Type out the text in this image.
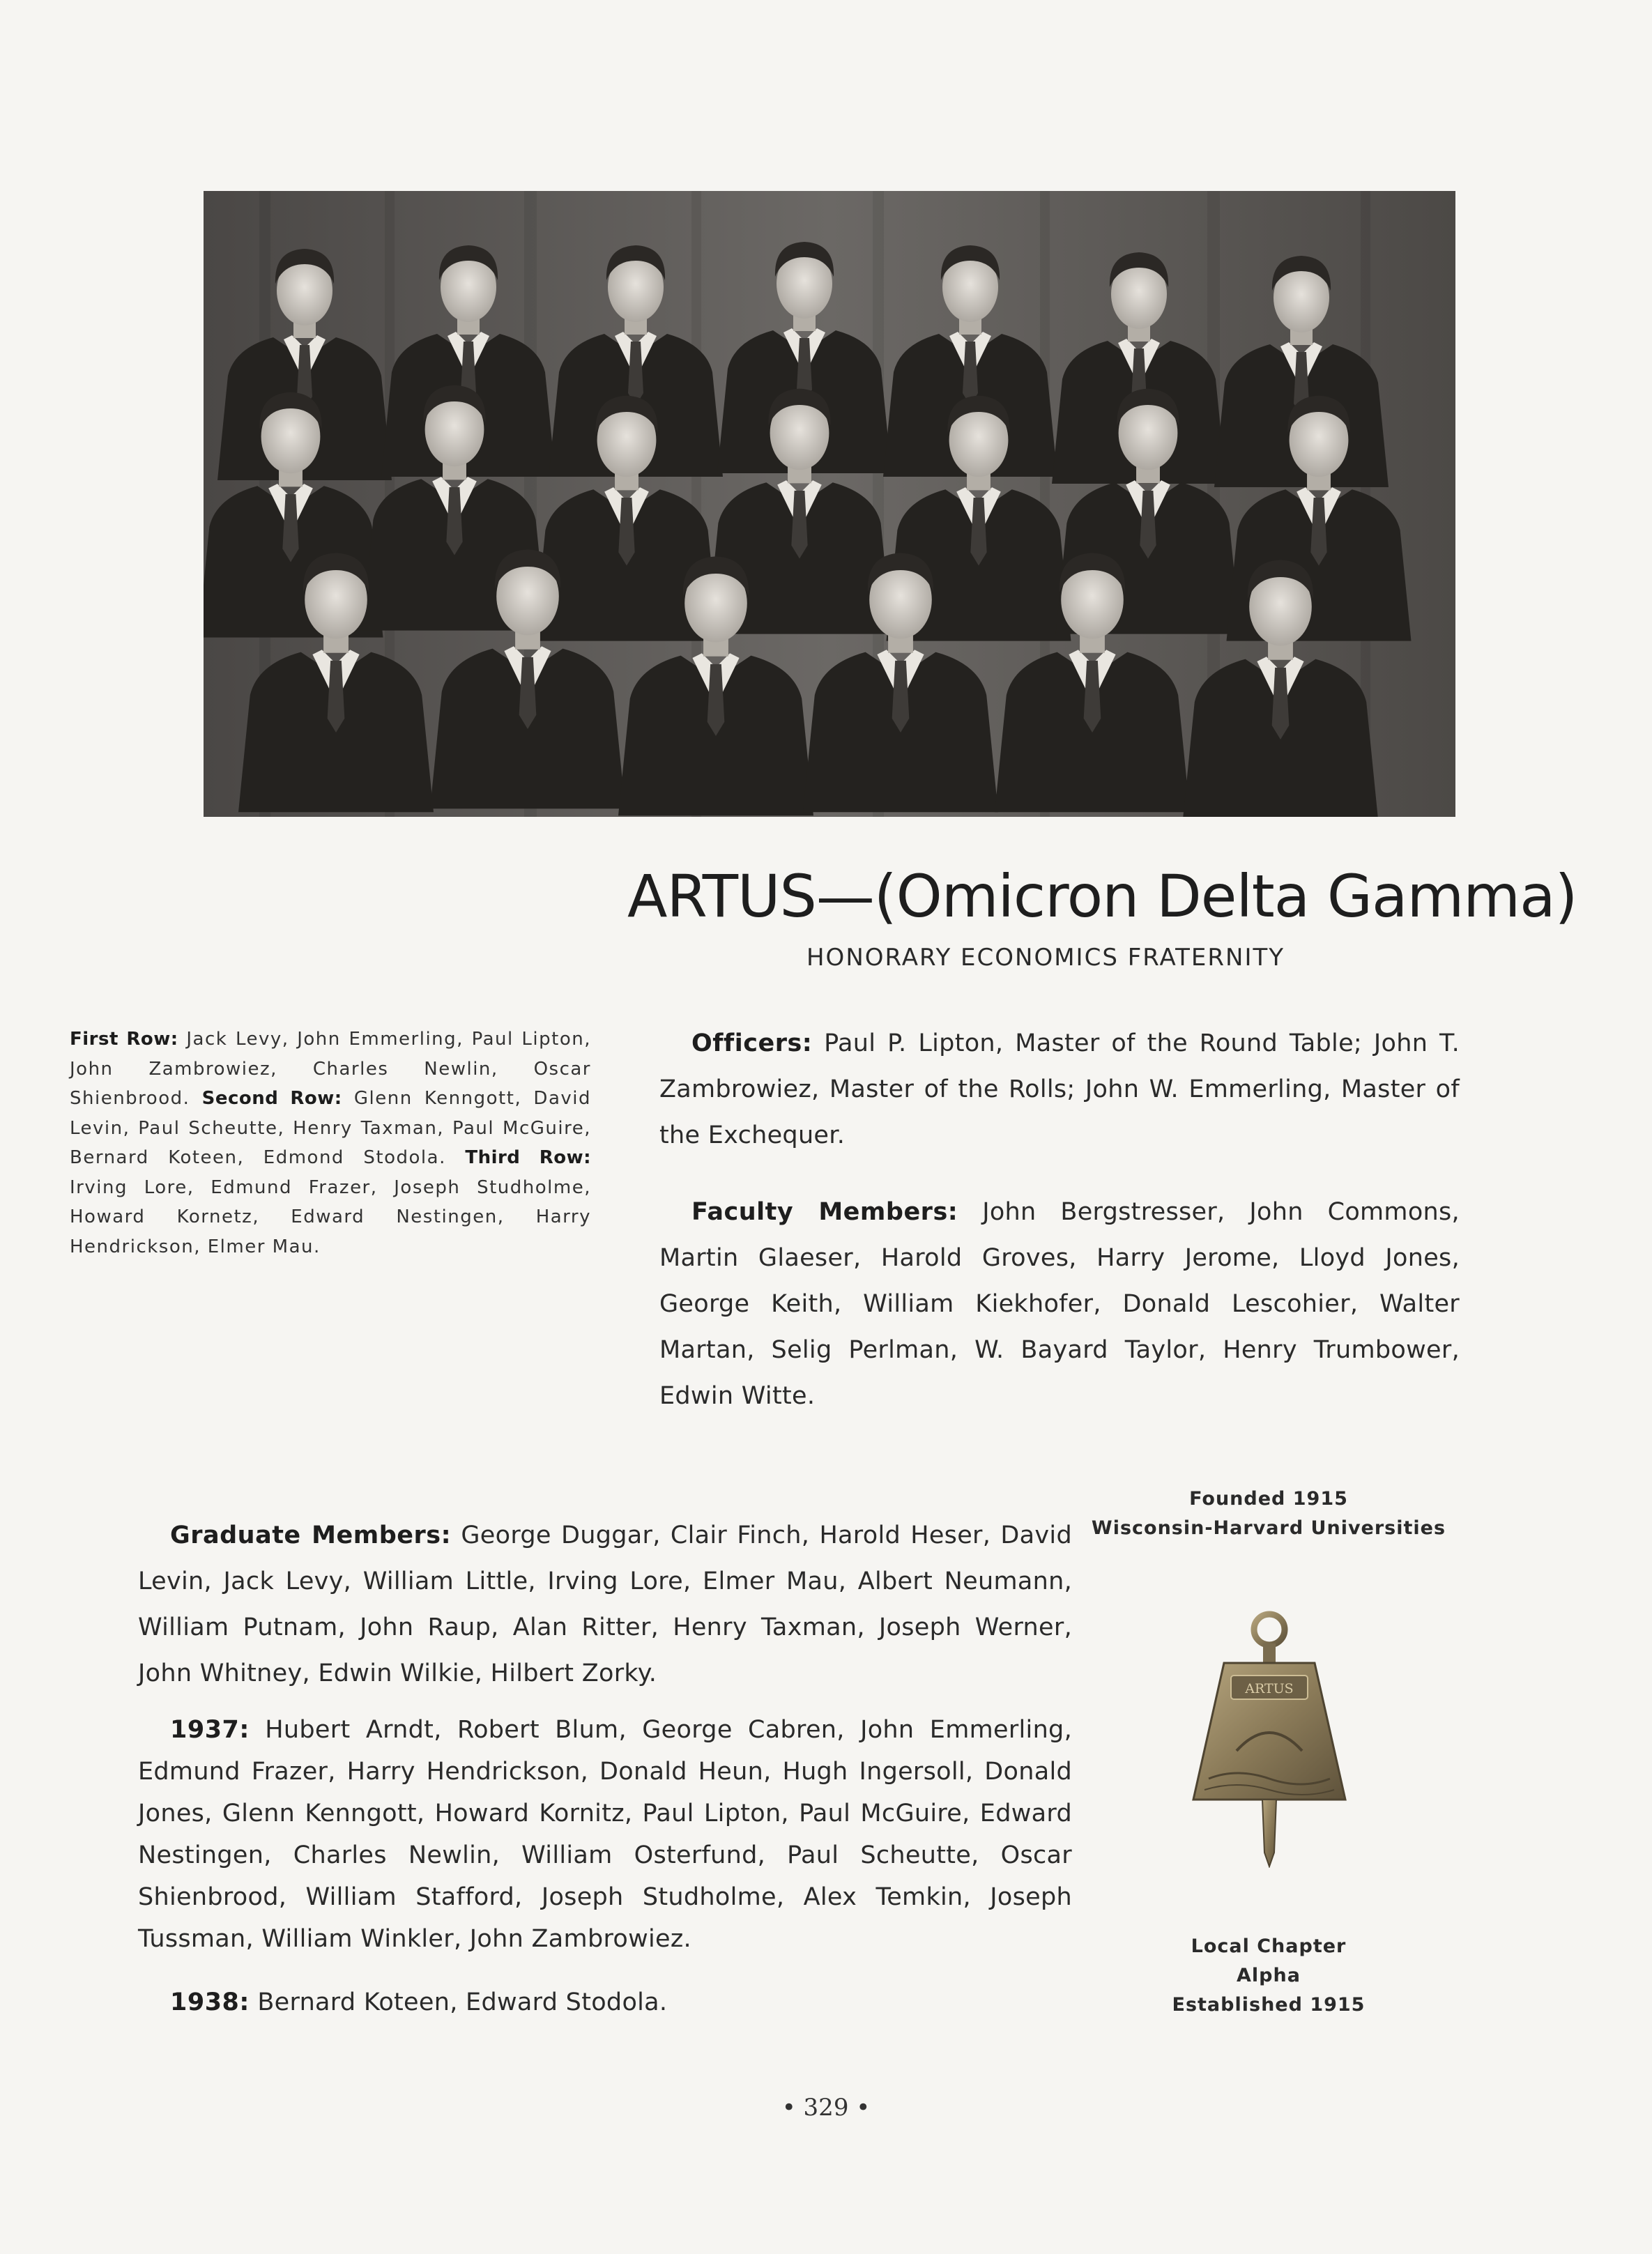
ARTUS—(Omicron Delta Gamma)
HONORARY ECONOMICS FRATERNITY
First Row: Jack Levy, John Emmerling, Paul Lipton, John Zambrowiez, Charles Newlin, Oscar Shienbrood. Second Row: Glenn Kenngott, David Levin, Paul Scheutte, Henry Taxman, Paul McGuire, Bernard Koteen, Edmond Stodola. Third Row: Irving Lore, Edmund Frazer, Joseph Studholme, Howard Kornetz, Edward Nestingen, Harry Hendrickson, Elmer Mau.
Officers: Paul P. Lipton, Master of the Round Table; John T. Zambrowiez, Master of the Rolls; John W. Emmerling, Master of the Exchequer.
Faculty Members: John Bergstresser, John Commons, Martin Glaeser, Harold Groves, Harry Jerome, Lloyd Jones, George Keith, William Kiekhofer, Donald Lescohier, Walter Martan, Selig Perlman, W. Bayard Taylor, Henry Trumbower, Edwin Witte.
Graduate Members: George Duggar, Clair Finch, Harold Heser, David Levin, Jack Levy, William Little, Irving Lore, Elmer Mau, Albert Neumann, William Putnam, John Raup, Alan Ritter, Henry Taxman, Joseph Werner, John Whitney, Edwin Wilkie, Hilbert Zorky.
1937: Hubert Arndt, Robert Blum, George Cabren, John Emmerling, Edmund Frazer, Harry Hendrickson, Donald Heun, Hugh Ingersoll, Donald Jones, Glenn Kenngott, Howard Kornitz, Paul Lipton, Paul McGuire, Edward Nestingen, Charles Newlin, William Osterfund, Paul Scheutte, Oscar Shienbrood, William Stafford, Joseph Studholme, Alex Temkin, Joseph Tussman, William Winkler, John Zambrowiez.
1938: Bernard Koteen, Edward Stodola.
Founded 1915
Wisconsin-Harvard Universities
ARTUS
Local Chapter
Alpha
Established 1915
• 329 •
